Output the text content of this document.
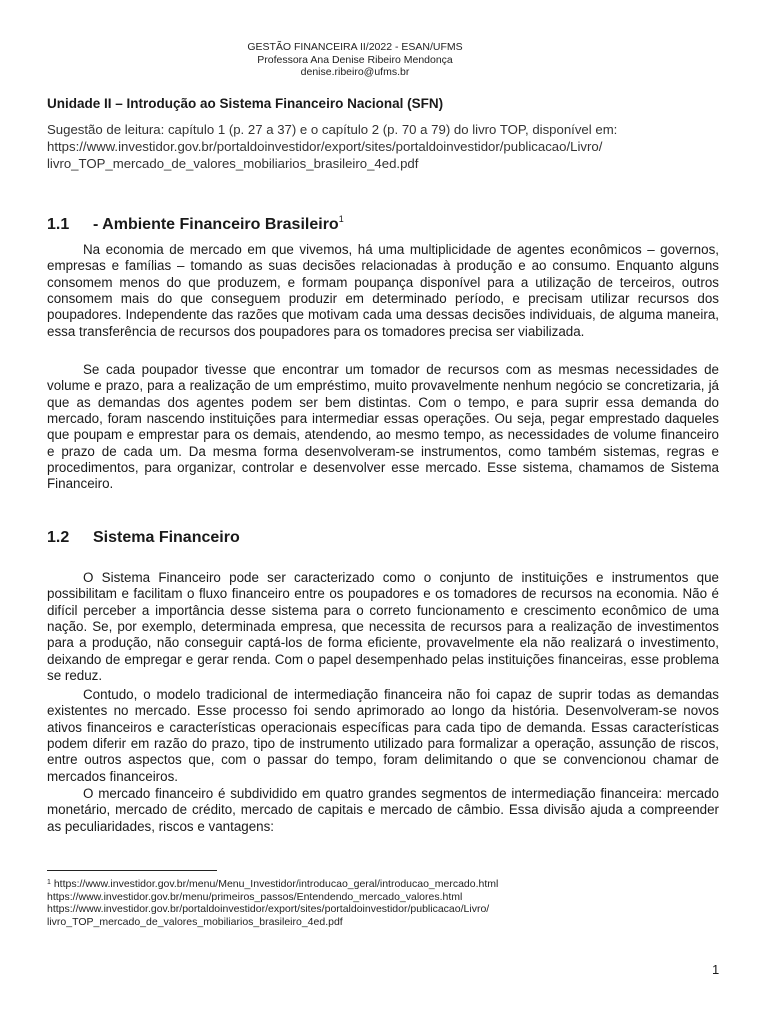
GESTÃO FINANCEIRA II/2022 - ESAN/UFMS
Professora Ana Denise Ribeiro Mendonça
denise.ribeiro@ufms.br
Unidade II – Introdução ao Sistema Financeiro Nacional (SFN)
Sugestão de leitura: capítulo 1 (p. 27 a 37) e o capítulo 2 (p. 70 a 79) do livro TOP, disponível em:
https://www.investidor.gov.br/portaldoinvestidor/export/sites/portaldoinvestidor/publicacao/Livro/
livro_TOP_mercado_de_valores_mobiliarios_brasileiro_4ed.pdf
1.1 - Ambiente Financeiro Brasileiro$^1$

Na economia de mercado em que vivemos, há uma multiplicidade de agentes econômicos – governos, empresas e famílias – tomando as suas decisões relacionadas à produção e ao consumo. Enquanto alguns consomem menos do que produzem, e formam poupança disponível para a utilização de terceiros, outros consomem mais do que conseguem produzir em determinado período, e precisam utilizar recursos dos poupadores. Independente das razões que motivam cada uma dessas decisões individuais, de alguma maneira, essa transferência de recursos dos poupadores para os tomadores precisa ser viabilizada.

Se cada poupador tivesse que encontrar um tomador de recursos com as mesmas necessidades de volume e prazo, para a realização de um empréstimo, muito provavelmente nenhum negócio se concretizaria, já que as demandas dos agentes podem ser bem distintas. Com o tempo, e para suprir essa demanda do mercado, foram nascendo instituições para intermediar essas operações. Ou seja, pegar emprestado daqueles que poupam e emprestar para os demais, atendendo, ao mesmo tempo, as necessidades de volume financeiro e prazo de cada um. Da mesma forma desenvolveram-se instrumentos, como também sistemas, regras e procedimentos, para organizar, controlar e desenvolver esse mercado. Esse sistema, chamamos de Sistema Financeiro.

1.2 Sistema Financeiro

O Sistema Financeiro pode ser caracterizado como o conjunto de instituições e instrumentos que possibilitam e facilitam o fluxo financeiro entre os poupadores e os tomadores de recursos na economia. Não é difícil perceber a importância desse sistema para o correto funcionamento e crescimento econômico de uma nação. Se, por exemplo, determinada empresa, que necessita de recursos para a realização de investimentos para a produção, não conseguir captá-los de forma eficiente, provavelmente ela não realizará o investimento, deixando de empregar e gerar renda. Com o papel desempenhado pelas instituições financeiras, esse problema se reduz.

Contudo, o modelo tradicional de intermediação financeira não foi capaz de suprir todas as demandas existentes no mercado. Esse processo foi sendo aprimorado ao longo da história. Desenvolveram-se novos ativos financeiros e características operacionais específicas para cada tipo de demanda. Essas características podem diferir em razão do prazo, tipo de instrumento utilizado para formalizar a operação, assunção de riscos, entre outros aspectos que, com o passar do tempo, foram delimitando o que se convencionou chamar de mercados financeiros.

O mercado financeiro é subdividido em quatro grandes segmentos de intermediação financeira: mercado monetário, mercado de crédito, mercado de capitais e mercado de câmbio. Essa divisão ajuda a compreender as peculiaridades, riscos e vantagens:

$^1$ https://www.investidor.gov.br/menu/Menu_Investidor/introducao_geral/introducao_mercado.html
https://www.investidor.gov.br/menu/primeiros_passos/Entendendo_mercado_valores.html
https://www.investidor.gov.br/portaldoinvestidor/export/sites/portaldoinvestidor/publicacao/Livro/
livro_TOP_mercado_de_valores_mobiliarios_brasileiro_4ed.pdf
1
